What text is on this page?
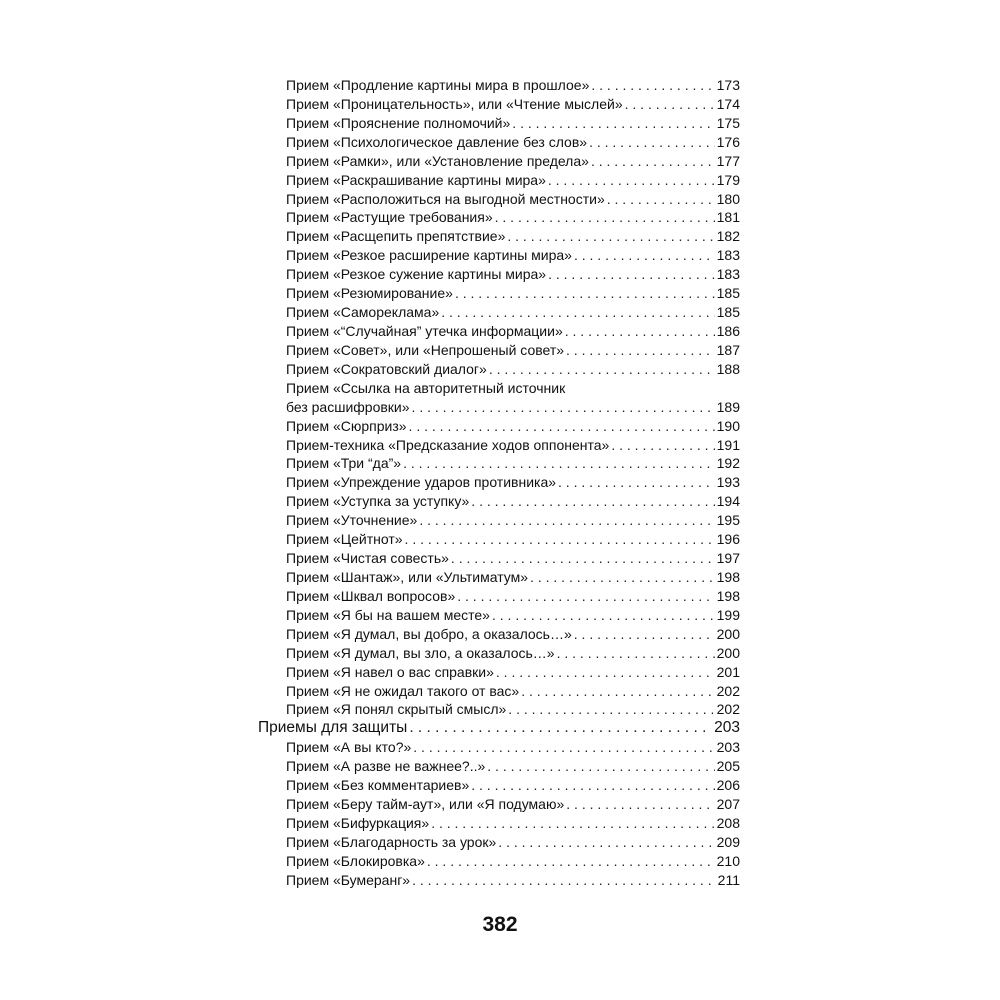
Прием «Продление картины мира в прошлое» . . .	173
Прием «Проницательность», или «Чтение мыслей» . . .	174
Прием «Прояснение полномочий» . . .	175
Прием «Психологическое давление без слов» . . .	176
Прием «Рамки», или «Установление предела» . . .	177
Прием «Раскрашивание картины мира» . . .	179
Прием «Расположиться на выгодной местности» . . .	180
Прием «Растущие требования» . . .	181
Прием «Расщепить препятствие» . . .	182
Прием «Резкое расширение картины мира» . . .	183
Прием «Резкое сужение картины мира» . . .	183
Прием «Резюмирование» . . .	185
Прием «Самореклама» . . .	185
Прием «“Случайная” утечка информации» . . .	186
Прием «Совет», или «Непрошеный совет» . . .	187
Прием «Сократовский диалог» . . .	188
Прием «Ссылка на авторитетный источник
без расшифровки» . . .	189
Прием «Сюрприз» . . .	190
Прием-техника «Предсказание ходов оппонента» . . .	191
Прием «Три “да”» . . .	192
Прием «Упреждение ударов противника» . . .	193
Прием «Уступка за уступку» . . .	194
Прием «Уточнение» . . .	195
Прием «Цейтнот» . . .	196
Прием «Чистая совесть» . . .	197
Прием «Шантаж», или «Ультиматум» . . .	198
Прием «Шквал вопросов» . . .	198
Прием «Я бы на вашем месте» . . .	199
Прием «Я думал, вы добро, а оказалось…» . . .	200
Прием «Я думал, вы зло, а оказалось…» . . .	200
Прием «Я навел о вас справки» . . .	201
Прием «Я не ожидал такого от вас» . . .	202
Прием «Я понял скрытый смысл» . . .	202
Приемы для защиты . . .	203
Прием «А вы кто?» . . .	203
Прием «А разве не важнее?..» . . .	205
Прием «Без комментариев» . . .	206
Прием «Беру тайм-аут», или «Я подумаю» . . .	207
Прием «Бифуркация» . . .	208
Прием «Благодарность за урок» . . .	209
Прием «Блокировка» . . .	210
Прием «Бумеранг» . . .	211
382
